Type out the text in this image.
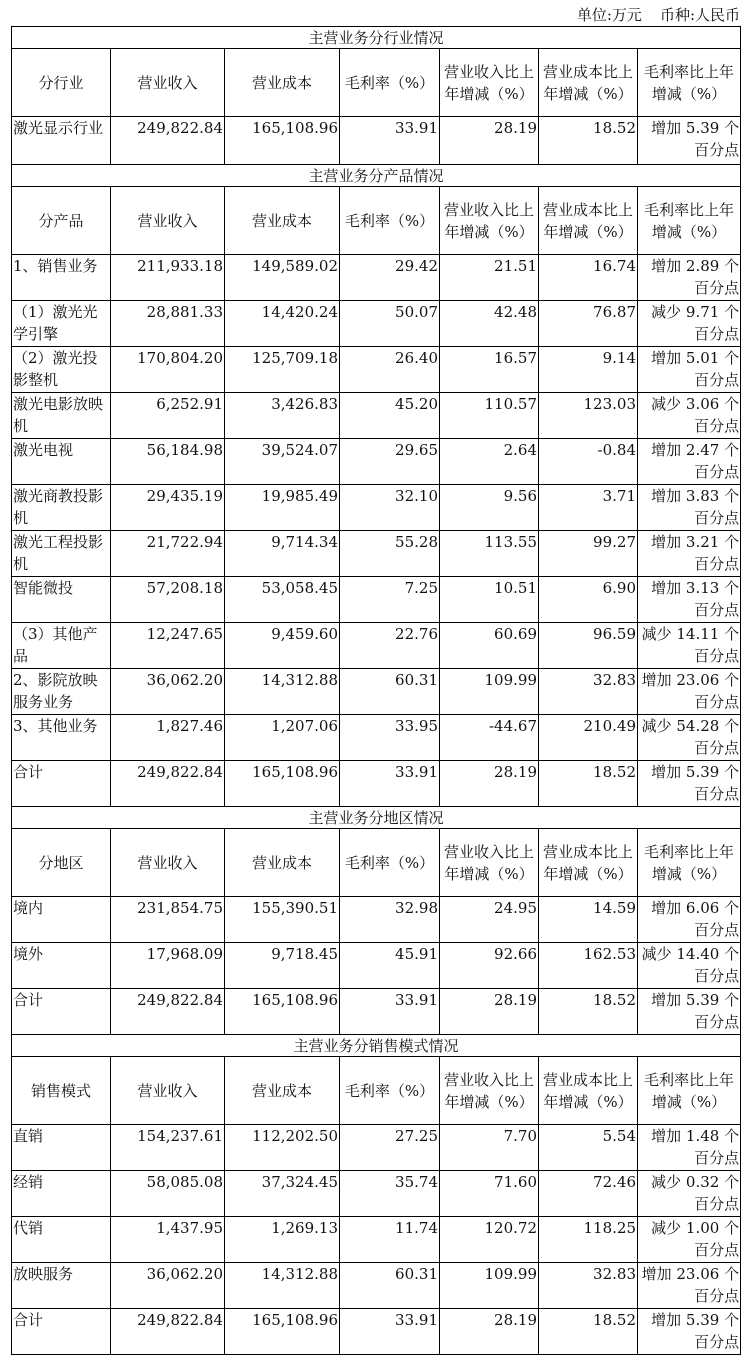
单位:万元 币种:人民币
主营业务分行业情况						
分行业	营业收入	营业成本	毛利率（%）	营业收入比上年增减（%）	营业成本比上年增减（%）	毛利率比上年增减（%）
激光显示行业	249,822.84	165,108.96	33.91	28.19	18.52	增加 5.39 个百分点
主营业务分产品情况						
分产品	营业收入	营业成本	毛利率（%）	营业收入比上年增减（%）	营业成本比上年增减（%）	毛利率比上年增减（%）
1、销售业务	211,933.18	149,589.02	29.42	21.51	16.74	增加 2.89 个百分点
（1）激光光学引擎	28,881.33	14,420.24	50.07	42.48	76.87	减少 9.71 个百分点
（2）激光投影整机	170,804.20	125,709.18	26.40	16.57	9.14	增加 5.01 个百分点
激光电影放映机	6,252.91	3,426.83	45.20	110.57	123.03	减少 3.06 个百分点
激光电视	56,184.98	39,524.07	29.65	2.64	-0.84	增加 2.47 个百分点
激光商教投影机	29,435.19	19,985.49	32.10	9.56	3.71	增加 3.83 个百分点
激光工程投影机	21,722.94	9,714.34	55.28	113.55	99.27	增加 3.21 个百分点
智能微投	57,208.18	53,058.45	7.25	10.51	6.90	增加 3.13 个百分点
（3）其他产品	12,247.65	9,459.60	22.76	60.69	96.59	减少 14.11 个百分点
2、影院放映服务业务	36,062.20	14,312.88	60.31	109.99	32.83	增加 23.06 个百分点
3、其他业务	1,827.46	1,207.06	33.95	-44.67	210.49	减少 54.28 个百分点
合计	249,822.84	165,108.96	33.91	28.19	18.52	增加 5.39 个百分点
主营业务分地区情况						
分地区	营业收入	营业成本	毛利率（%）	营业收入比上年增减（%）	营业成本比上年增减（%）	毛利率比上年增减（%）
境内	231,854.75	155,390.51	32.98	24.95	14.59	增加 6.06 个百分点
境外	17,968.09	9,718.45	45.91	92.66	162.53	减少 14.40 个百分点
合计	249,822.84	165,108.96	33.91	28.19	18.52	增加 5.39 个百分点
主营业务分销售模式情况						
销售模式	营业收入	营业成本	毛利率（%）	营业收入比上年增减（%）	营业成本比上年增减（%）	毛利率比上年增减（%）
直销	154,237.61	112,202.50	27.25	7.70	5.54	增加 1.48 个百分点
经销	58,085.08	37,324.45	35.74	71.60	72.46	减少 0.32 个百分点
代销	1,437.95	1,269.13	11.74	120.72	118.25	减少 1.00 个百分点
放映服务	36,062.20	14,312.88	60.31	109.99	32.83	增加 23.06 个百分点
合计	249,822.84	165,108.96	33.91	28.19	18.52	增加 5.39 个百分点
